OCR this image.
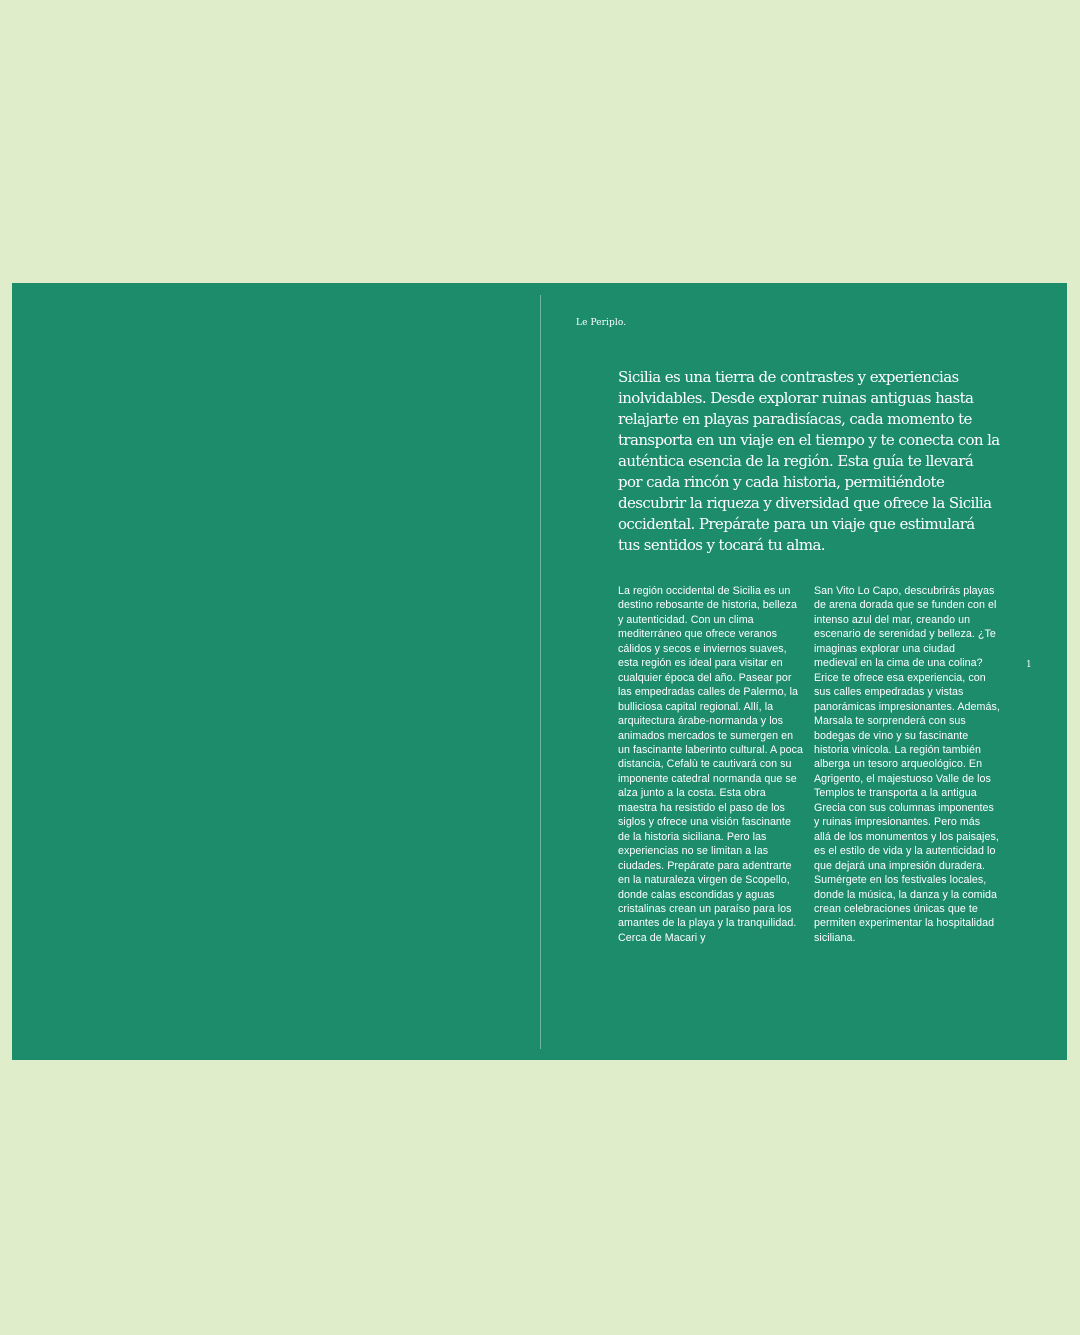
Le Periplo.

Sicilia es una tierra de contrastes y experiencias inolvidables. Desde explorar ruinas antiguas hasta relajarte en playas paradisíacas, cada momento te transporta en un viaje en el tiempo y te conecta con la auténtica esencia de la región. Esta guía te llevará por cada rincón y cada historia, permitiéndote descubrir la riqueza y diversidad que ofrece la Sicilia occidental. Prepárate para un viaje que estimulará tus sentidos y tocará tu alma.

La región occidental de Sicilia es un destino rebosante de historia, belleza y autenticidad. Con un clima mediterráneo que ofrece veranos cálidos y secos e inviernos suaves, esta región es ideal para visitar en cualquier época del año. Pasear por las empedradas calles de Palermo, la bulliciosa capital regional. Allí, la arquitectura árabe-normanda y los animados mercados te sumergen en un fascinante laberinto cultural. A poca distancia, Cefalù te cautivará con su imponente catedral normanda que se alza junto a la costa. Esta obra maestra ha resistido el paso de los siglos y ofrece una visión fascinante de la historia siciliana. Pero las experiencias no se limitan a las ciudades. Prepárate para adentrarte en la naturaleza virgen de Scopello, donde calas escondidas y aguas cristalinas crean un paraíso para los amantes de la playa y la tranquilidad. Cerca de Macari y

San Vito Lo Capo, descubrirás playas de arena dorada que se funden con el intenso azul del mar, creando un escenario de serenidad y belleza. ¿Te imaginas explorar una ciudad medieval en la cima de una colina? Erice te ofrece esa experiencia, con sus calles empedradas y vistas panorámicas impresionantes. Además, Marsala te sorprenderá con sus bodegas de vino y su fascinante historia vinícola. La región también alberga un tesoro arqueológico. En Agrigento, el majestuoso Valle de los Templos te transporta a la antigua Grecia con sus columnas imponentes y ruinas impresionantes. Pero más allá de los monumentos y los paisajes, es el estilo de vida y la autenticidad lo que dejará una impresión duradera. Sumérgete en los festivales locales, donde la música, la danza y la comida crean celebraciones únicas que te permiten experimentar la hospitalidad siciliana.

1
